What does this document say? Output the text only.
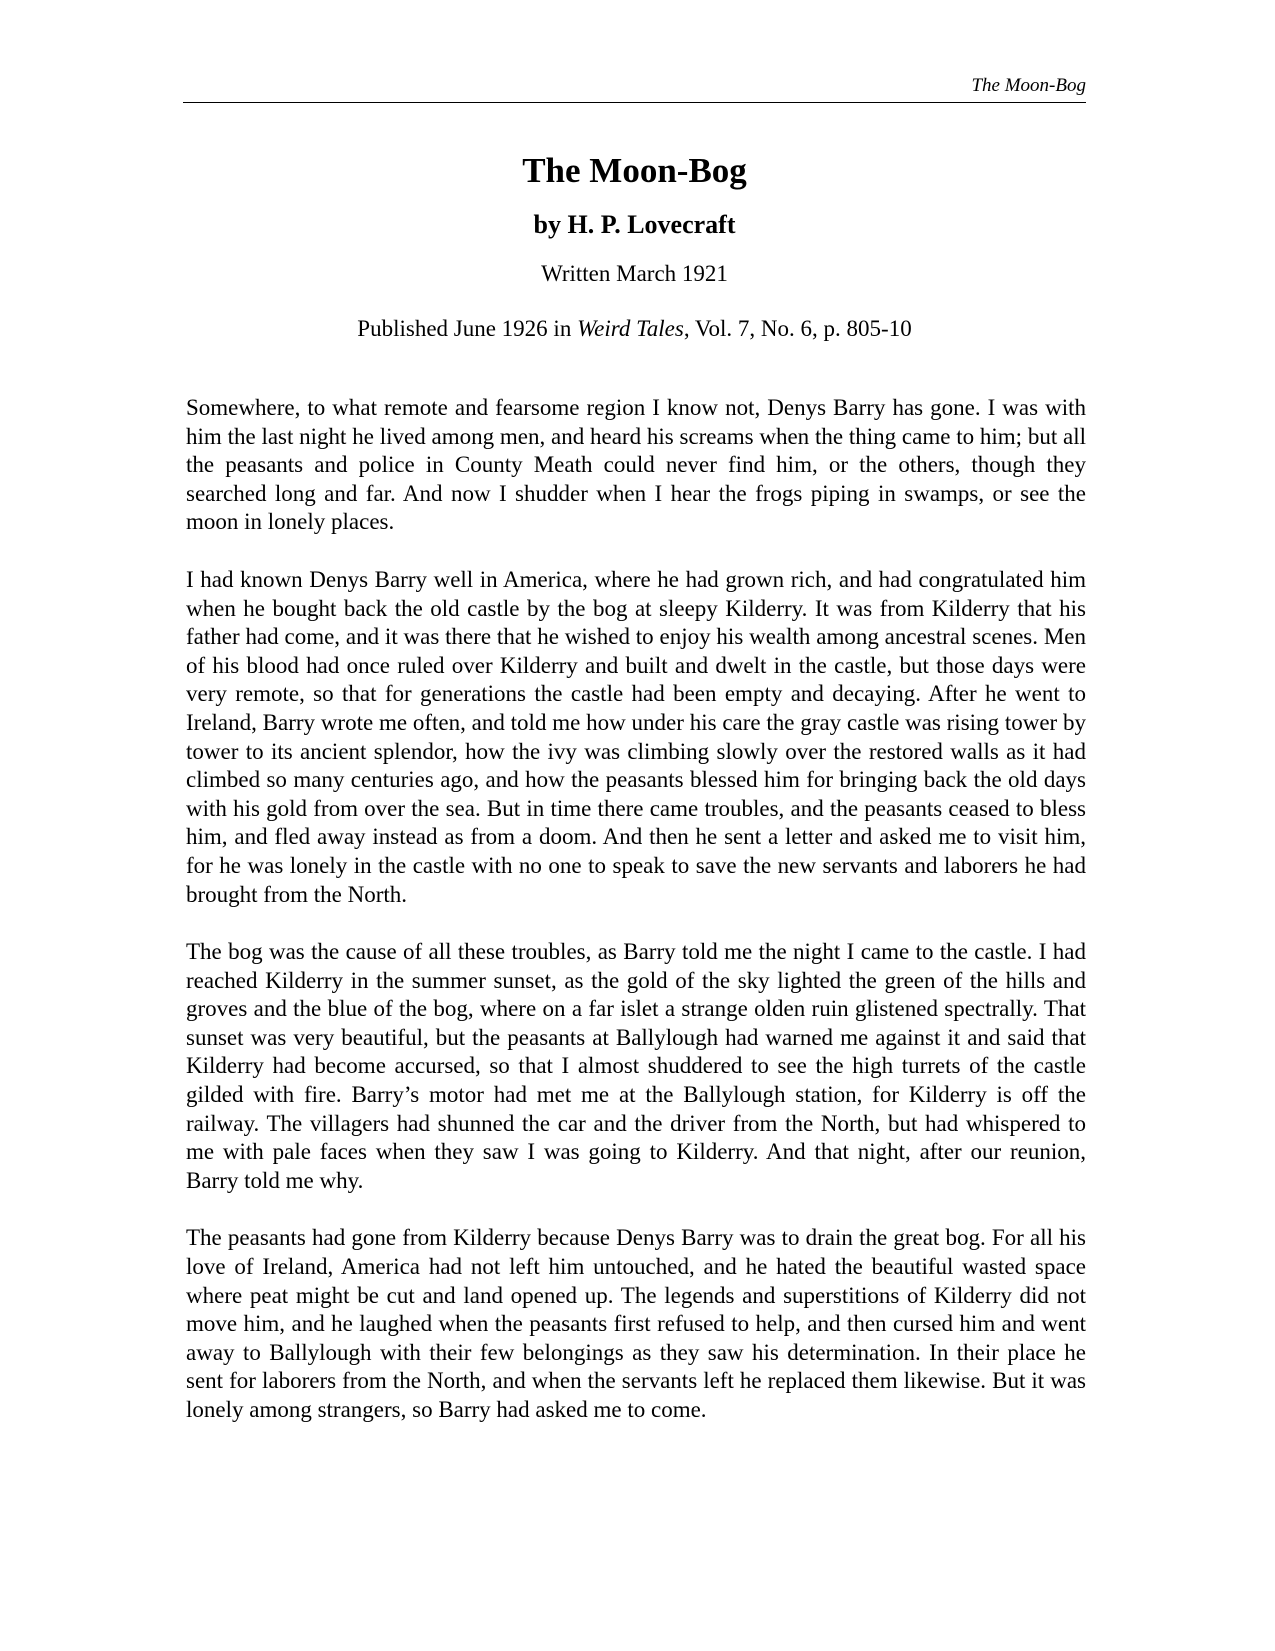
The Moon-Bog
The Moon-Bog

by H. P. Lovecraft

Written March 1921

Published June 1926 in Weird Tales, Vol. 7, No. 6, p. 805-10

Somewhere, to what remote and fearsome region I know not, Denys Barry has gone. I was with him the last night he lived among men, and heard his screams when the thing came to him; but all the peasants and police in County Meath could never find him, or the others, though they searched long and far. And now I shudder when I hear the frogs piping in swamps, or see the moon in lonely places.

I had known Denys Barry well in America, where he had grown rich, and had congratulated him when he bought back the old castle by the bog at sleepy Kilderry. It was from Kilderry that his father had come, and it was there that he wished to enjoy his wealth among ancestral scenes. Men of his blood had once ruled over Kilderry and built and dwelt in the castle, but those days were very remote, so that for generations the castle had been empty and decaying. After he went to Ireland, Barry wrote me often, and told me how under his care the gray castle was rising tower by tower to its ancient splendor, how the ivy was climbing slowly over the restored walls as it had climbed so many centuries ago, and how the peasants blessed him for bringing back the old days with his gold from over the sea. But in time there came troubles, and the peasants ceased to bless him, and fled away instead as from a doom. And then he sent a letter and asked me to visit him, for he was lonely in the castle with no one to speak to save the new servants and laborers he had brought from the North.

The bog was the cause of all these troubles, as Barry told me the night I came to the castle. I had reached Kilderry in the summer sunset, as the gold of the sky lighted the green of the hills and groves and the blue of the bog, where on a far islet a strange olden ruin glistened spectrally. That sunset was very beautiful, but the peasants at Ballylough had warned me against it and said that Kilderry had become accursed, so that I almost shuddered to see the high turrets of the castle gilded with fire. Barry’s motor had met me at the Ballylough station, for Kilderry is off the railway. The villagers had shunned the car and the driver from the North, but had whispered to me with pale faces when they saw I was going to Kilderry. And that night, after our reunion, Barry told me why.

The peasants had gone from Kilderry because Denys Barry was to drain the great bog. For all his love of Ireland, America had not left him untouched, and he hated the beautiful wasted space where peat might be cut and land opened up. The legends and superstitions of Kilderry did not move him, and he laughed when the peasants first refused to help, and then cursed him and went away to Ballylough with their few belongings as they saw his determination. In their place he sent for laborers from the North, and when the servants left he replaced them likewise. But it was lonely among strangers, so Barry had asked me to come.
